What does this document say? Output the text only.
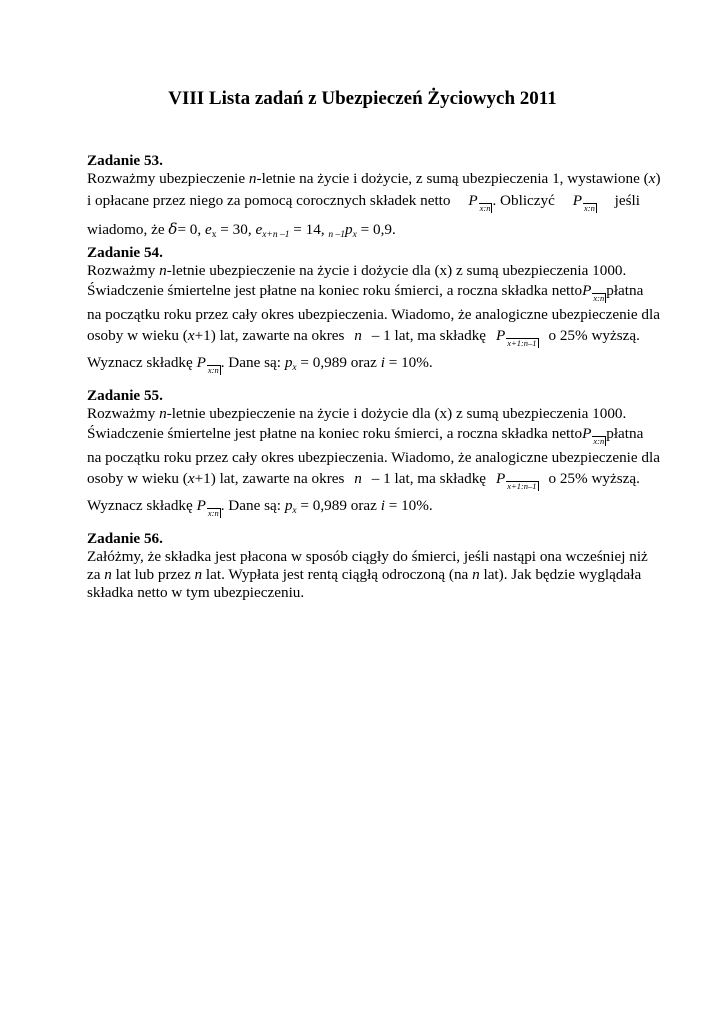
VIII Lista zadań z Ubezpieczeń Życiowych 2011
Zadanie 53.
Rozważmy ubezpieczenie n-letnie na życie i dożycie, z sumą ubezpieczenia 1, wystawione (x)
i opłacane przez niego za pomocą corocznych składek netto P x:n . Obliczyć P x:n jeśli
wiadomo, że δ= 0, $e_x = 30$, $e_{x+n -1} = 14$, $_{n -1}p_x = 0,9$.
Zadanie 54.
Rozważmy n-letnie ubezpieczenie na życie i dożycie dla (x) z sumą ubezpieczenia 1000.
Świadczenie śmiertelne jest płatne na koniec roku śmierci, a roczna składka netto P x:n płatna
na początku roku przez cały okres ubezpieczenia. Wiadomo, że analogiczne ubezpieczenie dla
osoby w wieku (x+1) lat, zawarte na okres n – 1 lat, ma składkę P x+1:n–1 o 25% wyższą.
Wyznacz składkę P x:n . Dane są: $p_x = 0,989$ oraz i = 10%.
Zadanie 55.
Rozważmy n-letnie ubezpieczenie na życie i dożycie dla (x) z sumą ubezpieczenia 1000.
Świadczenie śmiertelne jest płatne na koniec roku śmierci, a roczna składka netto P x:n płatna
na początku roku przez cały okres ubezpieczenia. Wiadomo, że analogiczne ubezpieczenie dla
osoby w wieku (x+1) lat, zawarte na okres n – 1 lat, ma składkę P x+1:n–1 o 25% wyższą.
Wyznacz składkę P x:n . Dane są: $p_x = 0,989$ oraz i = 10%.
Zadanie 56.
Załóżmy, że składka jest płacona w sposób ciągły do śmierci, jeśli nastąpi ona wcześniej niż
za n lat lub przez n lat. Wypłata jest rentą ciągłą odroczoną (na n lat). Jak będzie wyglądała
składka netto w tym ubezpieczeniu.
